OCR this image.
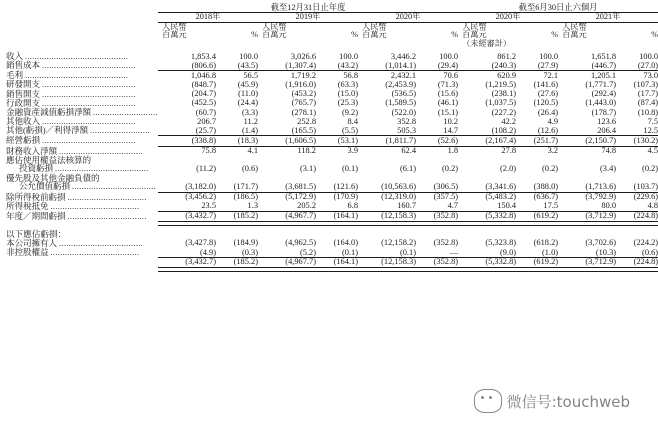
	截至12月31日止年度						截至6月30日止六個月			

	2018年		2019年		2020年		2020年		2021年	

	人民幣		人民幣		人民幣		人民幣		人民幣	
	百萬元	%	百萬元	%	百萬元	%	百萬元	%	百萬元	%
							（未經審計）			

收入 ...........................................	1,853.4	100.0	3,026.6	100.0	3,446.2	100.0	861.2	100.0	1,651.8	100.0
銷售成本 .......................................	(806.6)	(43.5)	(1,307.4)	(43.2)	(1,014.1)	(29.4)	(240.3)	(27.9)	(446.7)	(27.0)

毛利 ...........................................	1,046.8	56.5	1,719.2	56.8	2,432.1	70.6	620.9	72.1	1,205.1	73.0
研發開支 .......................................	(848.7)	(45.9)	(1,916.0)	(63.3)	(2,453.9)	(71.3)	(1,219.5)	(141.6)	(1,771.7)	(107.3)
銷售開支 .......................................	(204.7)	(11.0)	(453.2)	(15.0)	(536.5)	(15.6)	(238.1)	(27.6)	(292.4)	(17.7)
行政開支 .......................................	(452.5)	(24.4)	(765.7)	(25.3)	(1,589.5)	(46.1)	(1,037.5)	(120.5)	(1,443.0)	(87.4)
金融資產減值虧損淨額 ...........................	(60.7)	(3.3)	(278.1)	(9.2)	(522.0)	(15.1)	(227.2)	(26.4)	(178.7)	(10.8)
其他收入 .......................................	206.7	11.2	252.8	8.4	352.8	10.2	42.2	4.9	123.6	7.5
其他(虧損)／利得淨額 .........................	(25.7)	(1.4)	(165.5)	(5.5)	505.3	14.7	(108.2)	(12.6)	206.4	12.5

經營虧損 .......................................	(338.8)	(18.3)	(1,606.5)	(53.1)	(1,811.7)	(52.6)	(2,167.4)	(251.7)	(2,150.7)	(130.2)

財務收入淨額 ...................................	75.8	4.1	118.2	3.9	62.4	1.8	27.8	3.2	74.8	4.5
應佔使用權益法核算的										
投資虧損 .......................................	(11.2)	(0.6)	(3.1)	(0.1)	(6.1)	(0.2)	(2.0)	(0.2)	(3.4)	(0.2)
優先股及其他金融負債的										
公允價值虧損 ...................................	(3,182.0)	(171.7)	(3,681.5)	(121.6)	(10,563.6)	(306.5)	(3,341.6)	(388.0)	(1,713.6)	(103.7)

除所得稅前虧損 .................................	(3,456.2)	(186.5)	(5,172.9)	(170.9)	(12,319.0)	(357.5)	(5,483.2)	(636.7)	(3,792.9)	(229.6)
所得稅抵免 .....................................	23.5	1.3	205.2	6.8	160.7	4.7	150.4	17.5	80.0	4.8

年度／期間虧損 .................................	(3,432.7)	(185.2)	(4,967.7)	(164.1)	(12,158.3)	(352.8)	(5,332.8)	(619.2)	(3,712.9)	(224.8)

以下應佔虧損：										
本公司擁有人 ...................................	(3,427.8)	(184.9)	(4,962.5)	(164.0)	(12,158.2)	(352.8)	(5,323.8)	(618.2)	(3,702.6)	(224.2)
非控股權益 .....................................	(4.9)	(0.3)	(5.2)	(0.1)	(0.1)	—	(9.0)	(1.0)	(10.3)	(0.6)

	(3,432.7)	(185.2)	(4,967.7)	(164.1)	(12,158.3)	(352.8)	(5,332.8)	(619.2)	(3,712.9)	(224.8)

微信号:touchweb
